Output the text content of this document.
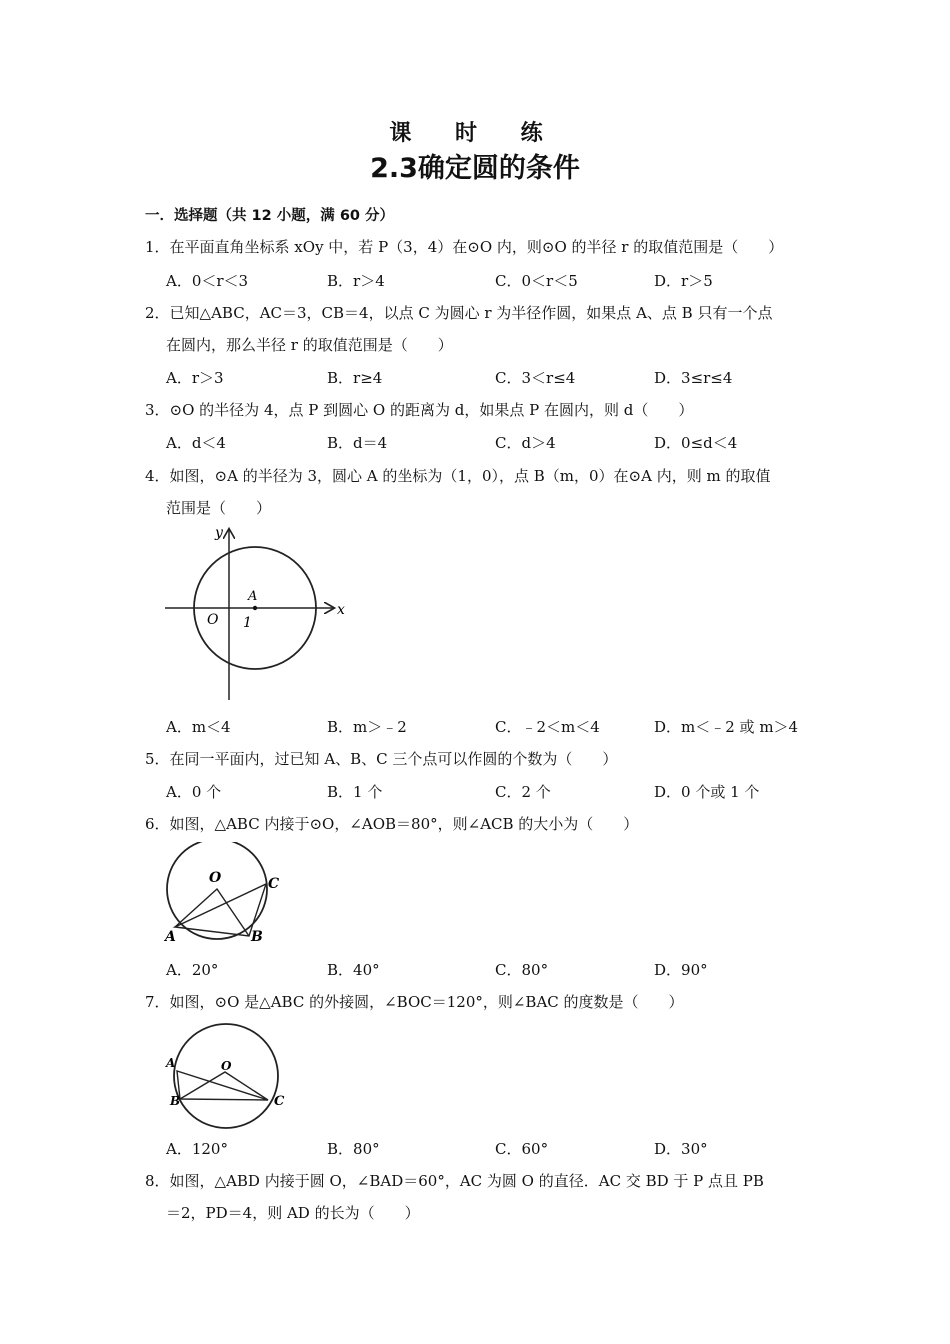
课 时 练
2.3确定圆的条件
一．选择题（共 12 小题，满 60 分）
1．在平面直角坐标系 xOy 中，若 P（3，4）在⊙O 内，则⊙O 的半径 r 的取值范围是（　　）
A．0＜r＜3	B．r＞4	C．0＜r＜5	D．r＞5
2．已知△ABC，AC＝3，CB＝4，以点 C 为圆心 r 为半径作圆，如果点 A、点 B 只有一个点
在圆内，那么半径 r 的取值范围是（　　）
A．r＞3	B．r≥4	C．3＜r≤4	D．3≤r≤4
3．⊙O 的半径为 4，点 P 到圆心 O 的距离为 d，如果点 P 在圆内，则 d（　　）
A．d＜4	B．d＝4	C．d＞4	D．0≤d＜4
4．如图，⊙A 的半径为 3，圆心 A 的坐标为（1，0），点 B（m，0）在⊙A 内，则 m 的取值
范围是（　　）
y
x
O
A
1
A．m＜4	B．m＞﹣2	C．﹣2＜m＜4	D．m＜﹣2 或 m＞4
5．在同一平面内，过已知 A、B、C 三个点可以作圆的个数为（　　）
A．0 个	B．1 个	C．2 个	D．0 个或 1 个
6．如图，△ABC 内接于⊙O，∠AOB＝80°，则∠ACB 的大小为（　　）
O
A	B
C
A．20°	B．40°	C．80°	D．90°
7．如图，⊙O 是△ABC 的外接圆，∠BOC＝120°，则∠BAC 的度数是（　　）
O
A
B	C
A．120°	B．80°	C．60°	D．30°
8．如图，△ABD 内接于圆 O，∠BAD＝60°，AC 为圆 O 的直径．AC 交 BD 于 P 点且 PB
＝2，PD＝4，则 AD 的长为（　　）
